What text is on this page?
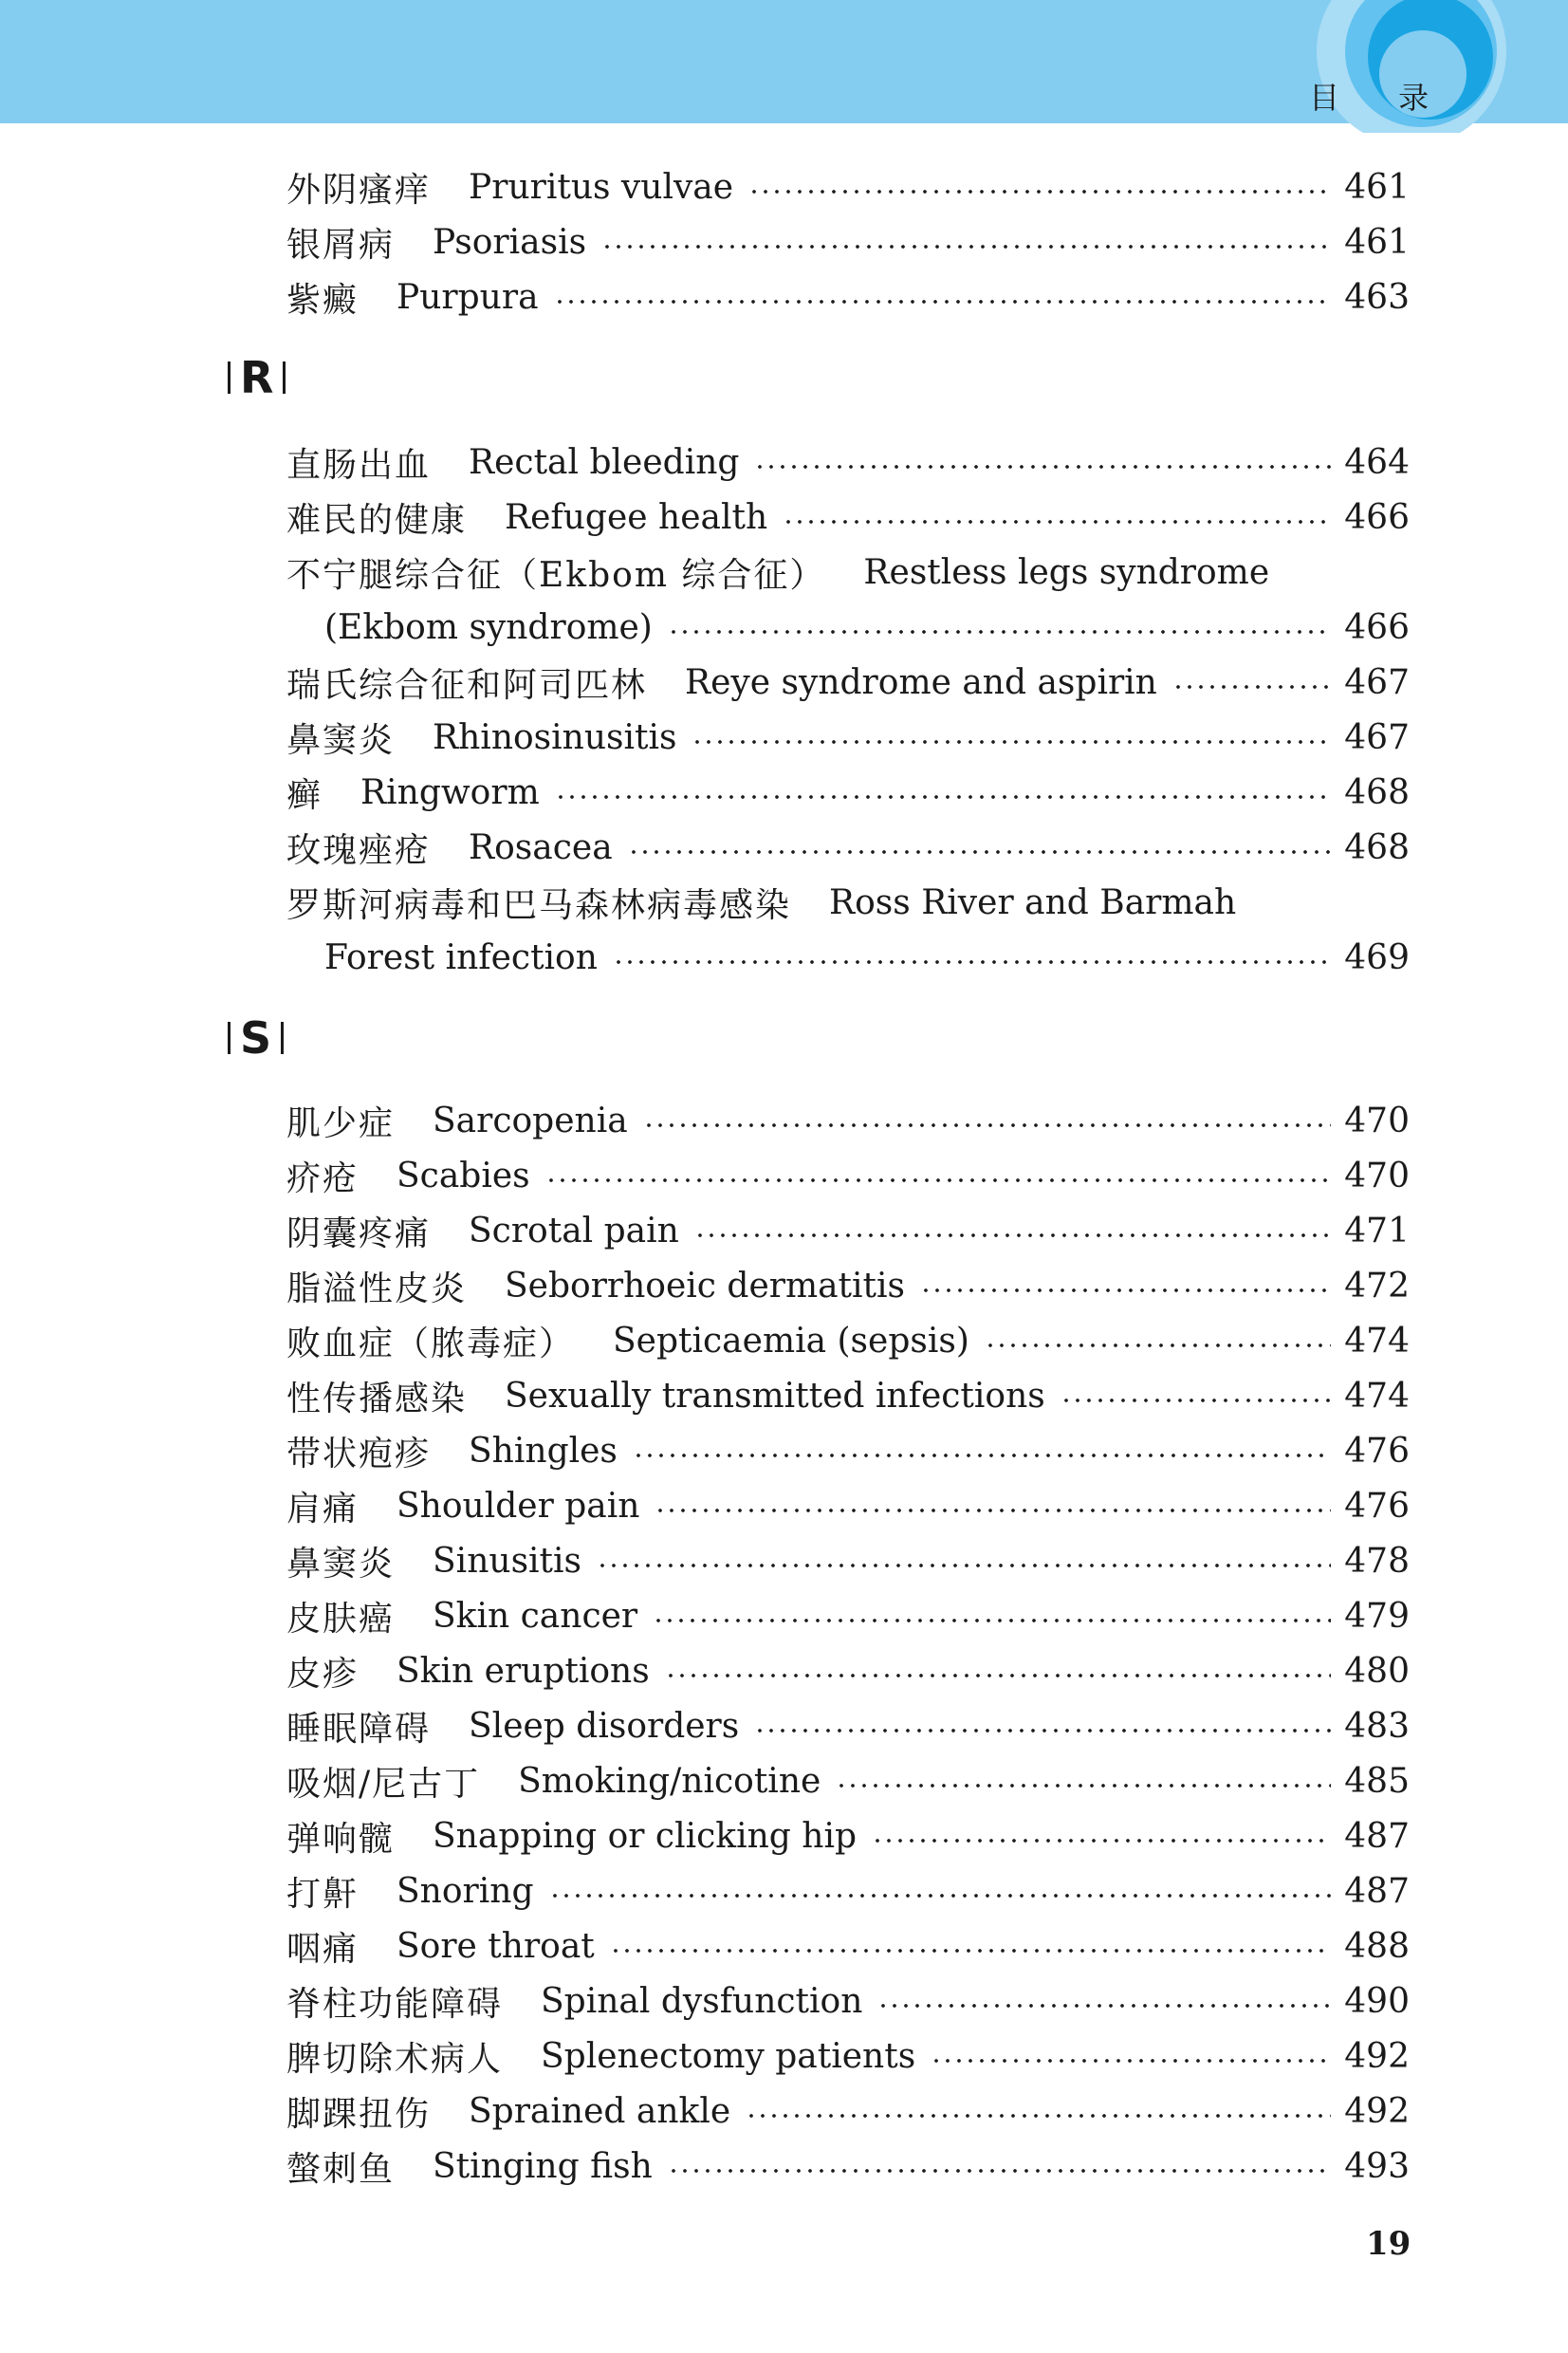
目 录
外阴瘙痒 Pruritus vulvae	461
银屑病 Psoriasis	461
紫癜 Purpura	463
R
直肠出血 Rectal bleeding	464
难民的健康 Refugee health	466
不宁腿综合征（Ekbom 综合征） Restless legs syndrome
(Ekbom syndrome)	466
瑞氏综合征和阿司匹林 Reye syndrome and aspirin	467
鼻窦炎 Rhinosinusitis	467
癣 Ringworm	468
玫瑰痤疮 Rosacea	468
罗斯河病毒和巴马森林病毒感染 Ross River and Barmah
Forest infection	469
S
肌少症 Sarcopenia	470
疥疮 Scabies	470
阴囊疼痛 Scrotal pain	471
脂溢性皮炎 Seborrhoeic dermatitis	472
败血症（脓毒症） Septicaemia (sepsis)	474
性传播感染 Sexually transmitted infections	474
带状疱疹 Shingles	476
肩痛 Shoulder pain	476
鼻窦炎 Sinusitis	478
皮肤癌 Skin cancer	479
皮疹 Skin eruptions	480
睡眠障碍 Sleep disorders	483
吸烟/尼古丁 Smoking/nicotine	485
弹响髋 Snapping or clicking hip	487
打鼾 Snoring	487
咽痛 Sore throat	488
脊柱功能障碍 Spinal dysfunction	490
脾切除术病人 Splenectomy patients	492
脚踝扭伤 Sprained ankle	492
螫刺鱼 Stinging fish	493
19
